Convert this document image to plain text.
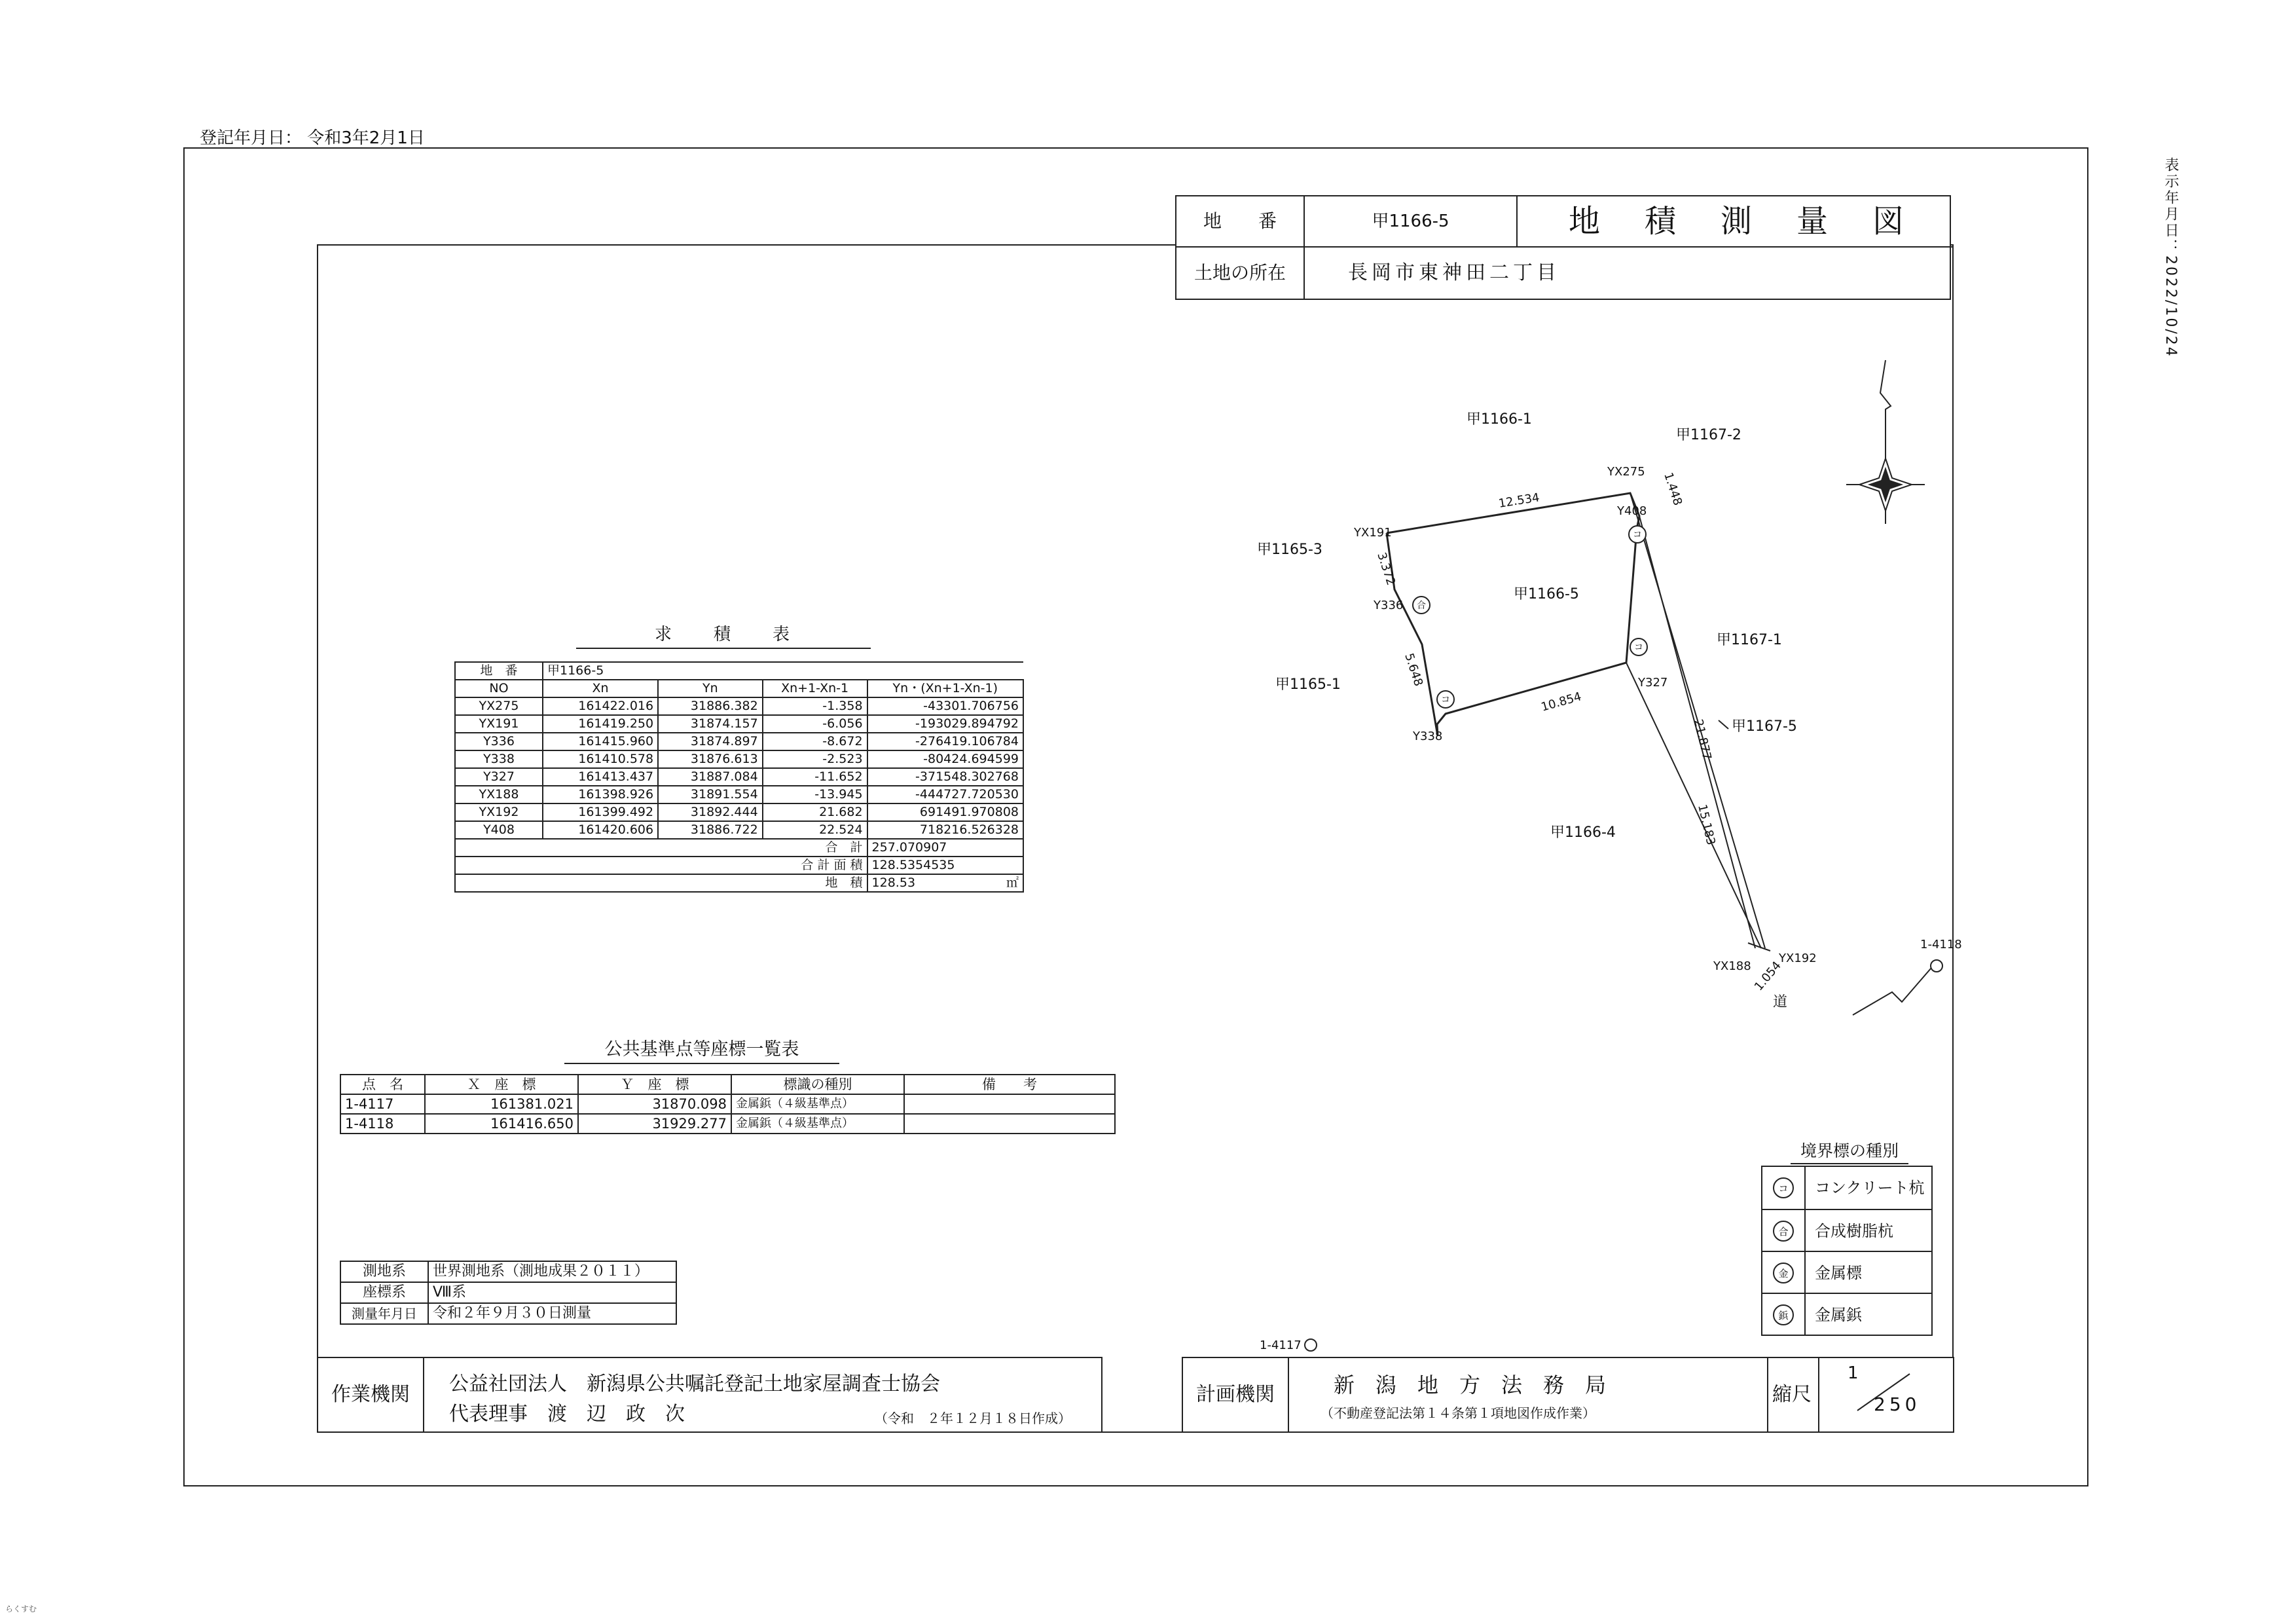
登記年月日： 令和3年2月1日
表示年月日：2022/10/24
らくすむ
地　　番	甲1166-5	地　積　測　量　図
土地の所在	長岡市東神田二丁目
求　　積　　表
地　番	甲1166-5			
NO	Xn	Yn	Xn+1-Xn-1	Yn・(Xn+1-Xn-1)
YX275	161422.016	31886.382	-1.358	-43301.706756
YX191	161419.250	31874.157	-6.056	-193029.894792
Y336	161415.960	31874.897	-8.672	-276419.106784
Y338	161410.578	31876.613	-2.523	-80424.694599
Y327	161413.437	31887.084	-11.652	-371548.302768
YX188	161398.926	31891.554	-13.945	-444727.720530
YX192	161399.492	31892.444	21.682	691491.970808
Y408	161420.606	31886.722	22.524	718216.526328
合　計				257.070907
合 計 面 積				128.5354535
地　積				128.53 ㎡
公共基準点等座標一覧表
点　名	Ｘ　座　標	Ｙ　座　標	標識の種別	備　　考
1-4117	161381.021	31870.098	金属鋲（４級基準点）	
1-4118	161416.650	31929.277	金属鋲（４級基準点）	
測地系	世界測地系（測地成果２０１１）
座標系	Ⅷ系
測量年月日	令和２年９月３０日測量
境界標の種別
コ	コンクリート杭
合	合成樹脂杭
金	金属標
鋲	金属鋲
作業機関	公益社団法人　新潟県公共嘱託登記土地家屋調査士協会
代表理事　渡　辺　政　次	（令和　２年１２月１８日作成）
計画機関	新　潟　地　方　法　務　局
（不動産登記法第１４条第１項地図作成作業）
縮尺
1
250
コ
合
コ
コ
甲1166-1
甲1167-2
甲1165-3
甲1166-5
甲1167-1
甲1165-1
甲1167-5
甲1166-4
道
YX275
YX191
Y408
Y336
Y327
Y338
YX188
YX192
1-4118
1-4117
12.534	1.448
3.372
5.648
10.854
21.877
15.183
1.054
